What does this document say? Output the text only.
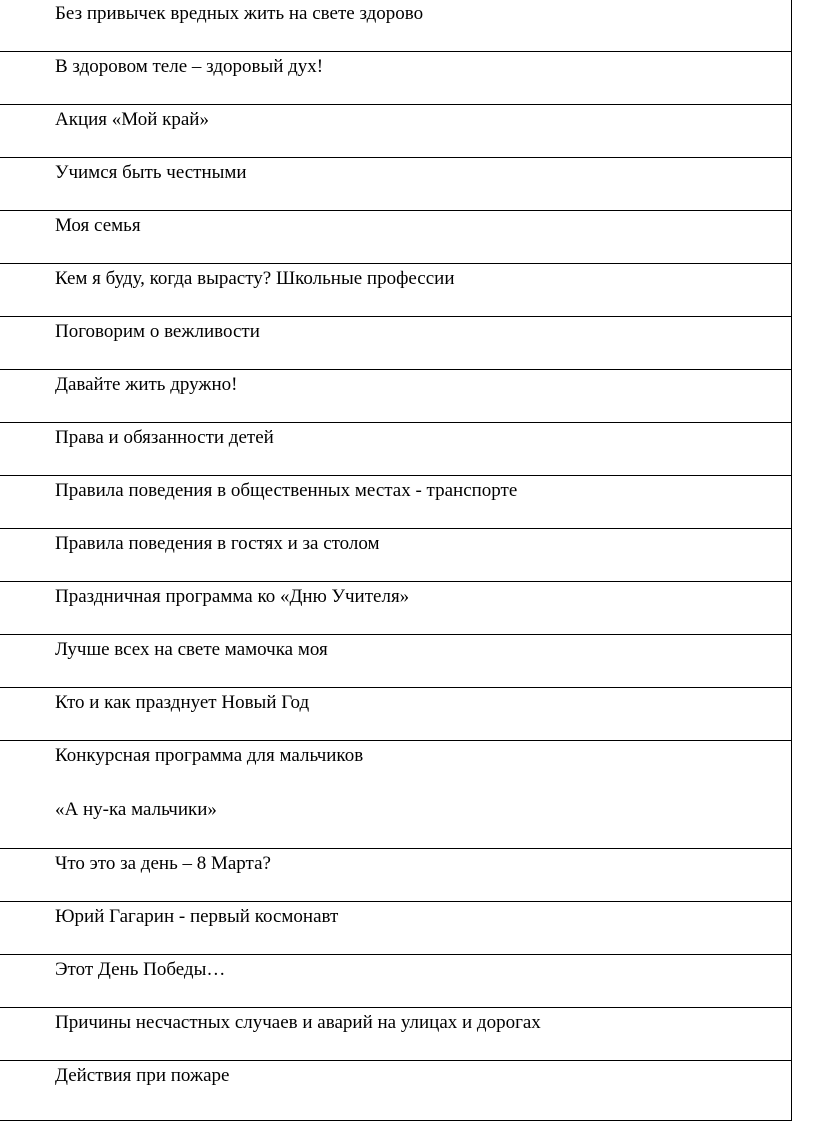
Без привычек вредных жить на свете здорово

В здоровом теле – здоровый дух!

Акция «Мой край»

Учимся быть честными

Моя семья

Кем я буду, когда вырасту? Школьные профессии

Поговорим о вежливости

Давайте жить дружно!

Права и обязанности детей

Правила поведения в общественных местах - транспорте

Правила поведения в гостях и за столом

Праздничная программа ко «Дню Учителя»

Лучше всех на свете мамочка моя

Кто и как празднует Новый Год

Конкурсная программа для мальчиков
«А ну-ка мальчики»

Что это за день – 8 Марта?

Юрий Гагарин - первый космонавт

Этот День Победы…

Причины несчастных случаев и аварий на улицах и дорогах

Действия при пожаре
